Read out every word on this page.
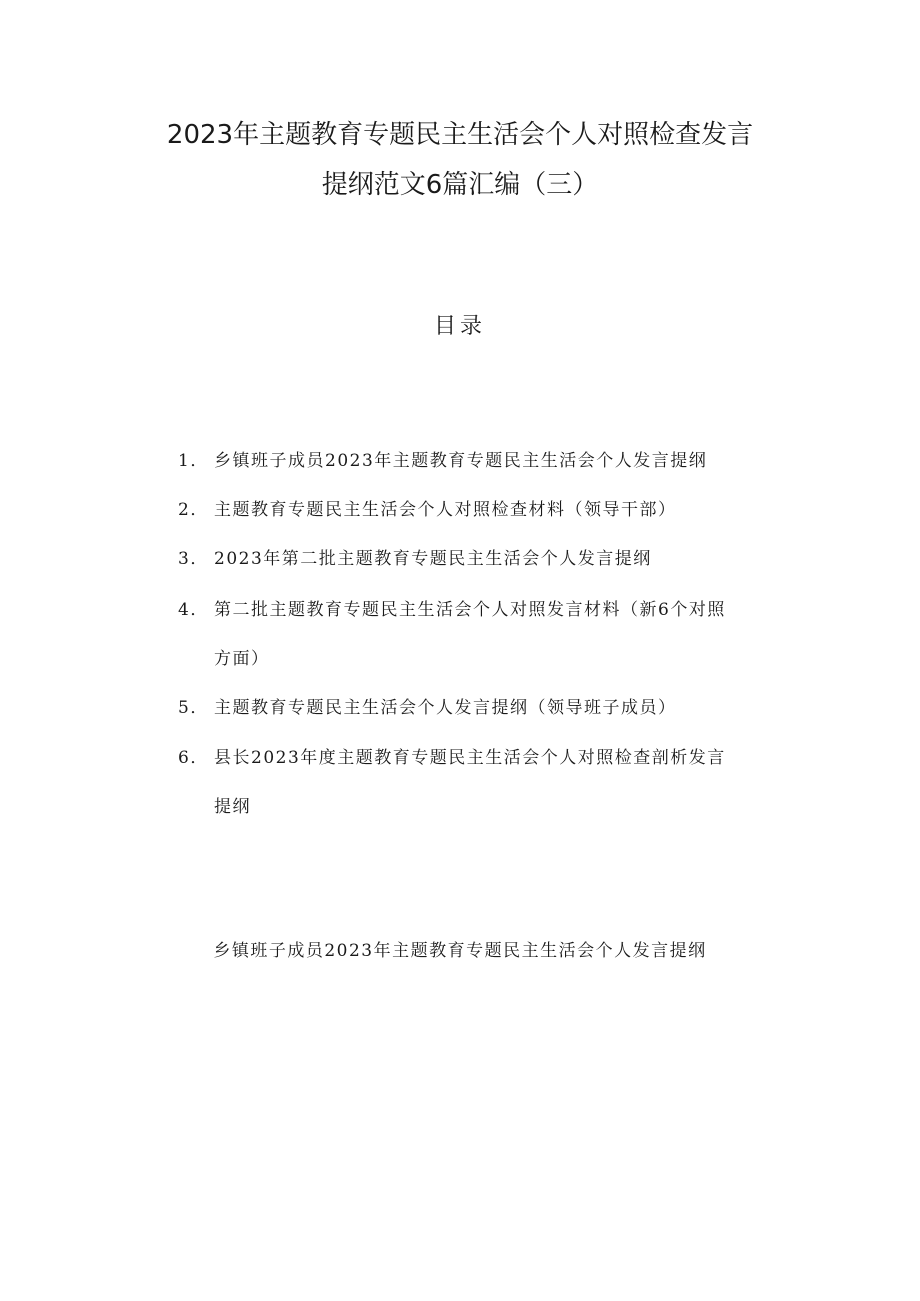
2023年主题教育专题民主生活会个人对照检查发言
提纲范文6篇汇编（三）
目录
1． 乡镇班子成员2023年主题教育专题民主生活会个人发言提纲
2． 主题教育专题民主生活会个人对照检查材料（领导干部）
3． 2023年第二批主题教育专题民主生活会个人发言提纲
4． 第二批主题教育专题民主生活会个人对照发言材料（新6个对照
方面）
5． 主题教育专题民主生活会个人发言提纲（领导班子成员）
6． 县长2023年度主题教育专题民主生活会个人对照检查剖析发言
提纲
乡镇班子成员2023年主题教育专题民主生活会个人发言提纲
